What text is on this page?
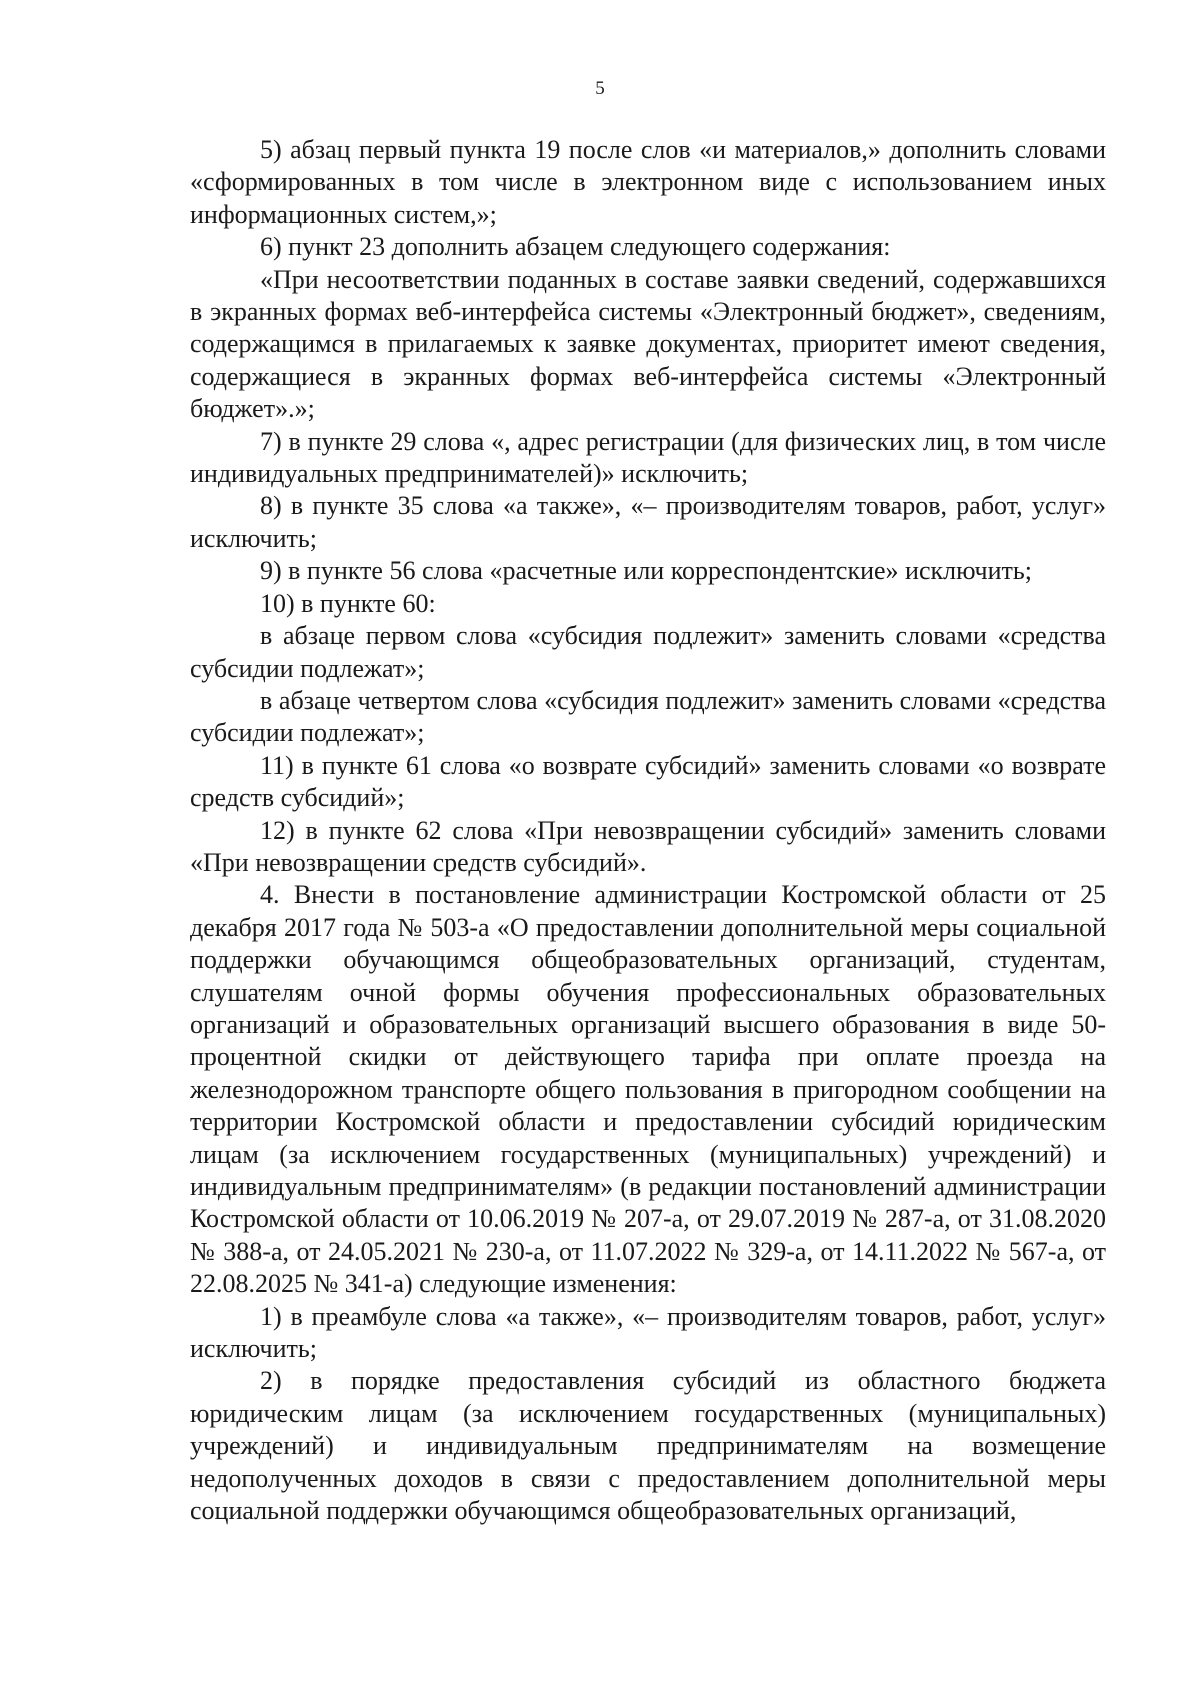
5

5) абзац первый пункта 19 после слов «и материалов,» дополнить словами «сформированных в том числе в электронном виде с использованием иных информационных систем,»;

6) пункт 23 дополнить абзацем следующего содержания:

«При несоответствии поданных в составе заявки сведений, содержавшихся в экранных формах веб-интерфейса системы «Электронный бюджет», сведениям, содержащимся в прилагаемых к заявке документах, приоритет имеют сведения, содержащиеся в экранных формах веб-интерфейса системы «Электронный бюджет».»;

7) в пункте 29 слова «, адрес регистрации (для физических лиц, в том числе индивидуальных предпринимателей)» исключить;

8) в пункте 35 слова «а также», «– производителям товаров, работ, услуг» исключить;

9) в пункте 56 слова «расчетные или корреспондентские» исключить;

10) в пункте 60:

в абзаце первом слова «субсидия подлежит» заменить словами «средства субсидии подлежат»;

в абзаце четвертом слова «субсидия подлежит» заменить словами «средства субсидии подлежат»;

11) в пункте 61 слова «о возврате субсидий» заменить словами «о возврате средств субсидий»;

12) в пункте 62 слова «При невозвращении субсидий» заменить словами «При невозвращении средств субсидий».

4. Внести в постановление администрации Костромской области от 25 декабря 2017 года № 503-а «О предоставлении дополнительной меры социальной поддержки обучающимся общеобразовательных организаций, студентам, слушателям очной формы обучения профессиональных образовательных организаций и образовательных организаций высшего образования в виде 50-процентной скидки от действующего тарифа при оплате проезда на железнодорожном транспорте общего пользования в пригородном сообщении на территории Костромской области и предоставлении субсидий юридическим лицам (за исключением государственных (муниципальных) учреждений) и индивидуальным предпринимателям» (в редакции постановлений администрации Костромской области от 10.06.2019 № 207-а, от 29.07.2019 № 287-а, от 31.08.2020 № 388-а, от 24.05.2021 № 230-а, от 11.07.2022 № 329-а, от 14.11.2022 № 567-а, от 22.08.2025 № 341-а) следующие изменения:

1) в преамбуле слова «а также», «– производителям товаров, работ, услуг» исключить;

2) в порядке предоставления субсидий из областного бюджета юридическим лицам (за исключением государственных (муниципальных) учреждений) и индивидуальным предпринимателям на возмещение недополученных доходов в связи с предоставлением дополнительной меры социальной поддержки обучающимся общеобразовательных организаций,
